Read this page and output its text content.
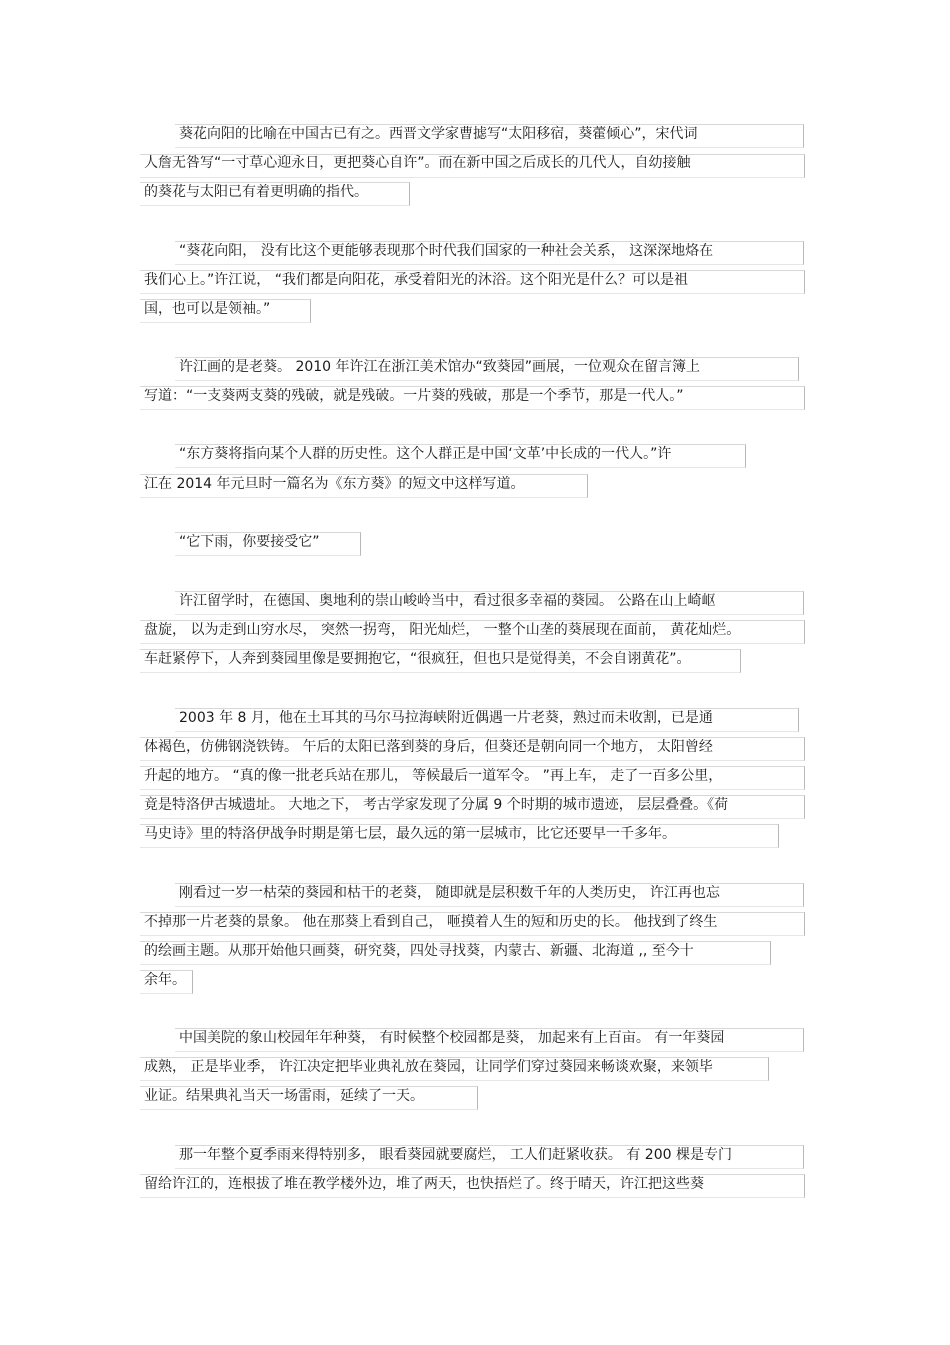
葵花向阳的比喻在中国古已有之。西晋文学家曹摅写“太阳移宿，葵藿倾心”，宋代词
人詹无咎写“一寸草心迎永日，更把葵心自许”。而在新中国之后成长的几代人，自幼接触
的葵花与太阳已有着更明确的指代。
“葵花向阳， 没有比这个更能够表现那个时代我们国家的一种社会关系， 这深深地烙在
我们心上。”许江说， “我们都是向阳花，承受着阳光的沐浴。这个阳光是什么？可以是祖
国，也可以是领袖。”
许江画的是老葵。 2010 年许江在浙江美术馆办“致葵园”画展，一位观众在留言簿上
写道：“一支葵两支葵的残破，就是残破。一片葵的残破，那是一个季节，那是一代人。”
“东方葵将指向某个人群的历史性。这个人群正是中国‘文革’中长成的一代人。”许
江在 2014 年元旦时一篇名为《东方葵》的短文中这样写道。
“它下雨，你要接受它”
许江留学时，在德国、奥地利的崇山峻岭当中，看过很多幸福的葵园。 公路在山上崎岖
盘旋， 以为走到山穷水尽， 突然一拐弯， 阳光灿烂， 一整个山垄的葵展现在面前， 黄花灿烂。
车赶紧停下，人奔到葵园里像是要拥抱它，“很疯狂，但也只是觉得美，不会自诩黄花”。
2003 年 8 月，他在土耳其的马尔马拉海峡附近偶遇一片老葵，熟过而未收割，已是通
体褐色，仿佛钢浇铁铸。 午后的太阳已落到葵的身后，但葵还是朝向同一个地方， 太阳曾经
升起的地方。 “真的像一批老兵站在那儿， 等候最后一道军令。 ”再上车， 走了一百多公里，
竟是特洛伊古城遗址。 大地之下， 考古学家发现了分属 9 个时期的城市遗迹， 层层叠叠。《荷
马史诗》里的特洛伊战争时期是第七层，最久远的第一层城市，比它还要早一千多年。
刚看过一岁一枯荣的葵园和枯干的老葵， 随即就是层积数千年的人类历史， 许江再也忘
不掉那一片老葵的景象。 他在那葵上看到自己， 咂摸着人生的短和历史的长。 他找到了终生
的绘画主题。从那开始他只画葵，研究葵，四处寻找葵，内蒙古、新疆、北海道 ,, 至今十
余年。
中国美院的象山校园年年种葵， 有时候整个校园都是葵， 加起来有上百亩。 有一年葵园
成熟， 正是毕业季， 许江决定把毕业典礼放在葵园，让同学们穿过葵园来畅谈欢聚，来领毕
业证。结果典礼当天一场雷雨，延续了一天。
那一年整个夏季雨来得特别多， 眼看葵园就要腐烂， 工人们赶紧收获。 有 200 棵是专门
留给许江的，连根拔了堆在教学楼外边，堆了两天，也快捂烂了。终于晴天，许江把这些葵
